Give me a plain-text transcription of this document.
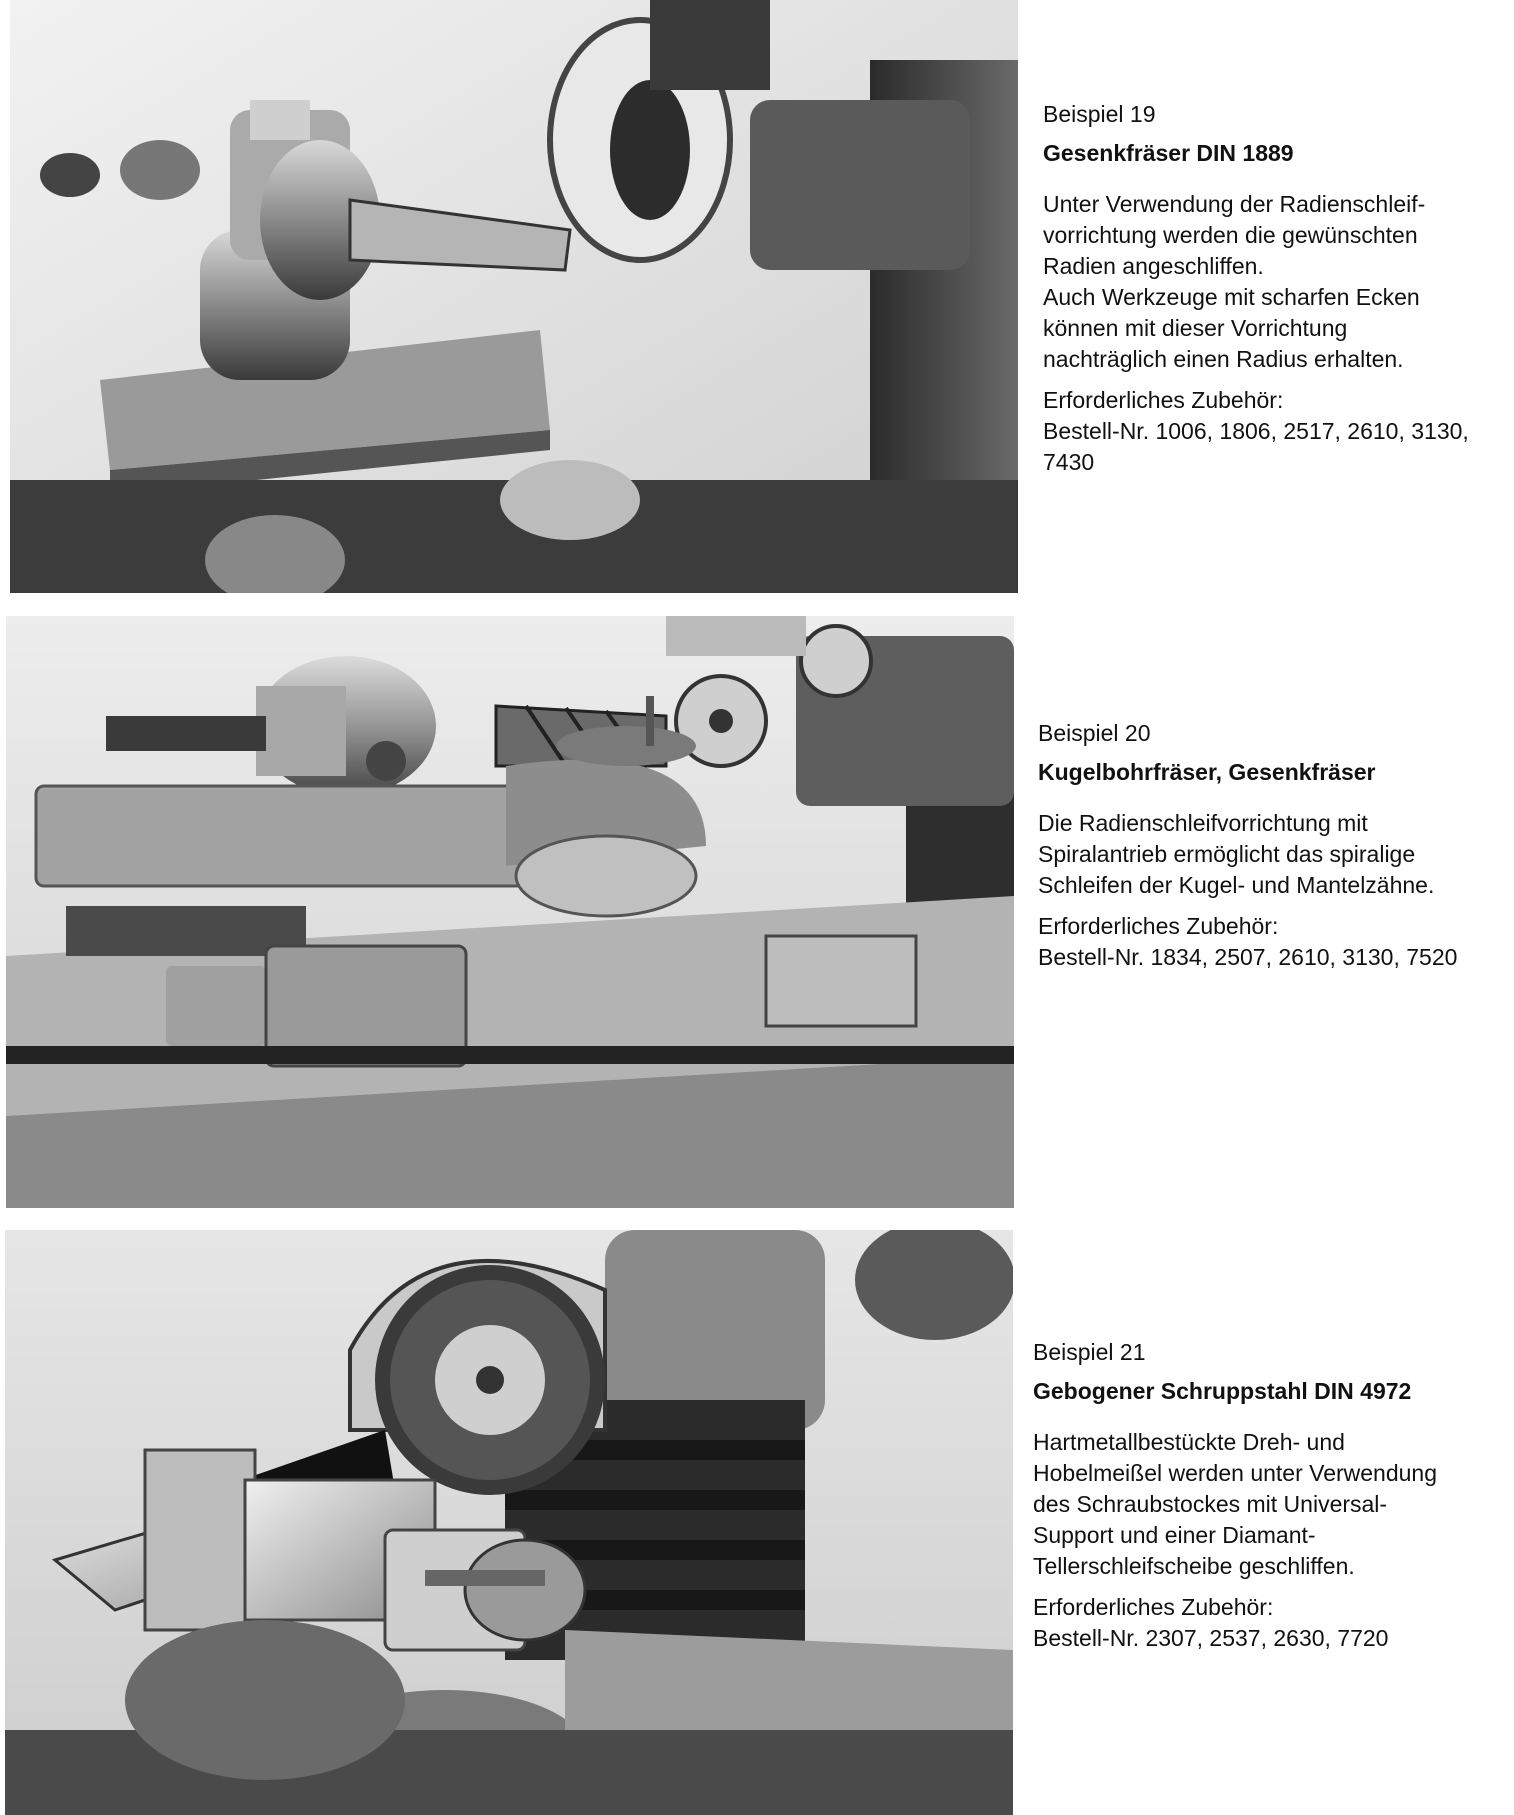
Beispiel 19

Gesenkfräser DIN 1889

Unter Verwendung der Radienschleif-
vorrichtung werden die gewünschten
Radien angeschliffen.
Auch Werkzeuge mit scharfen Ecken
können mit dieser Vorrichtung
nachträglich einen Radius erhalten.

Erforderliches Zubehör:

Bestell-Nr. 1006, 1806, 2517, 2610, 3130,
7430

Beispiel 20

Kugelbohrfräser, Gesenkfräser

Die Radienschleifvorrichtung mit
Spiralantrieb ermöglicht das spiralige
Schleifen der Kugel- und Mantelzähne.

Erforderliches Zubehör:

Bestell-Nr. 1834, 2507, 2610, 3130, 7520

Beispiel 21

Gebogener Schruppstahl DIN 4972

Hartmetallbestückte Dreh- und
Hobelmeißel werden unter Verwendung
des Schraubstockes mit Universal-
Support und einer Diamant-
Tellerschleifscheibe geschliffen.

Erforderliches Zubehör:

Bestell-Nr. 2307, 2537, 2630, 7720
